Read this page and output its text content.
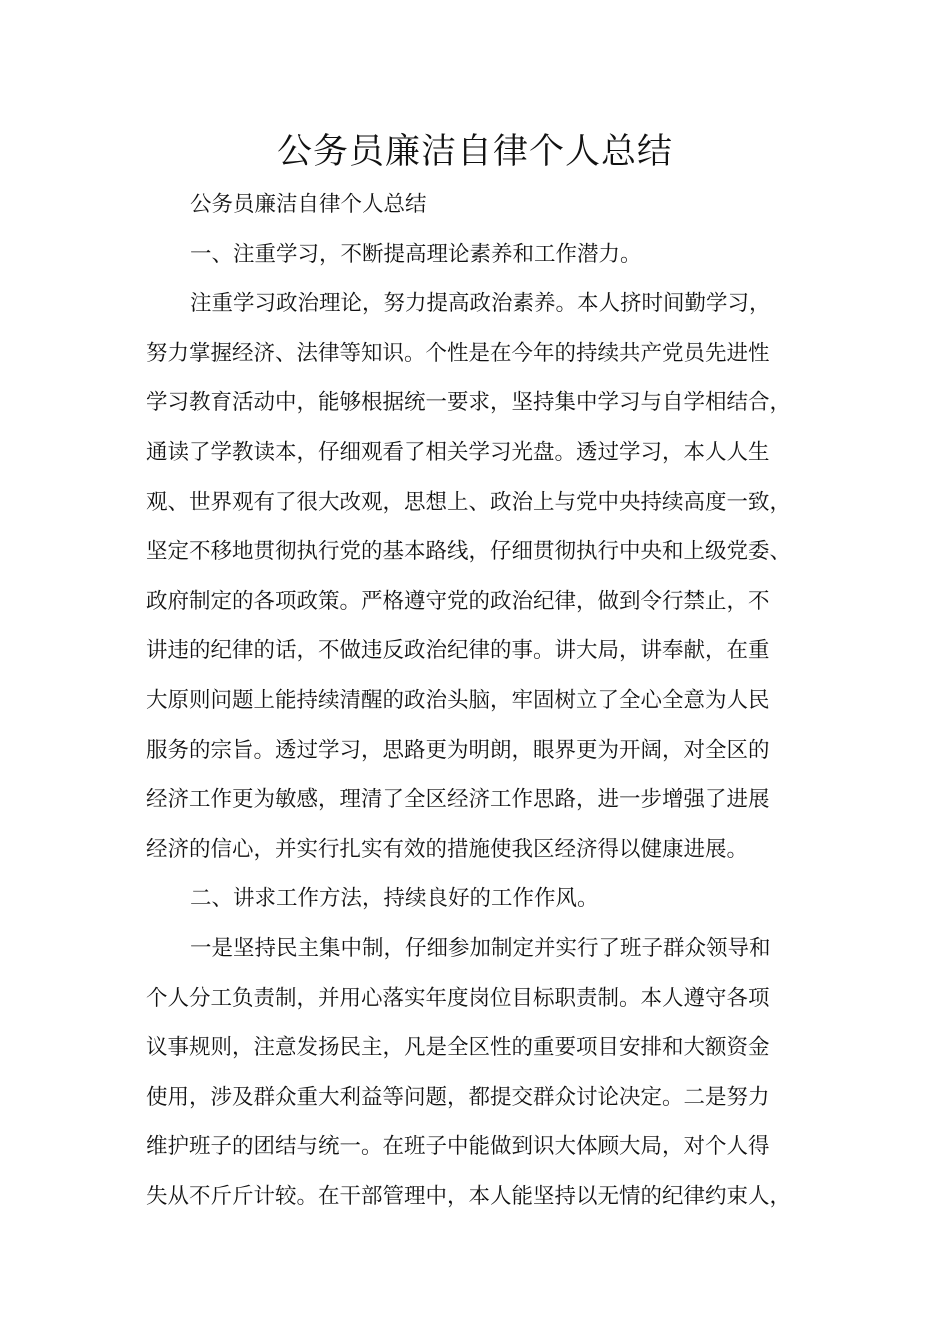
公务员廉洁自律个人总结
公务员廉洁自律个人总结
一、注重学习，不断提高理论素养和工作潜力。
注重学习政治理论，努力提高政治素养。本人挤时间勤学习，
努力掌握经济、法律等知识。个性是在今年的持续共产党员先进性
学习教育活动中，能够根据统一要求，坚持集中学习与自学相结合，
通读了学教读本，仔细观看了相关学习光盘。透过学习，本人人生
观、世界观有了很大改观，思想上、政治上与党中央持续高度一致，
坚定不移地贯彻执行党的基本路线，仔细贯彻执行中央和上级党委、
政府制定的各项政策。严格遵守党的政治纪律，做到令行禁止，不
讲违的纪律的话，不做违反政治纪律的事。讲大局，讲奉献，在重
大原则问题上能持续清醒的政治头脑，牢固树立了全心全意为人民
服务的宗旨。透过学习，思路更为明朗，眼界更为开阔，对全区的
经济工作更为敏感，理清了全区经济工作思路，进一步增强了进展
经济的信心，并实行扎实有效的措施使我区经济得以健康进展。
二、讲求工作方法，持续良好的工作作风。
一是坚持民主集中制，仔细参加制定并实行了班子群众领导和
个人分工负责制，并用心落实年度岗位目标职责制。本人遵守各项
议事规则，注意发扬民主，凡是全区性的重要项目安排和大额资金
使用，涉及群众重大利益等问题，都提交群众讨论决定。二是努力
维护班子的团结与统一。在班子中能做到识大体顾大局，对个人得
失从不斤斤计较。在干部管理中，本人能坚持以无情的纪律约束人，
